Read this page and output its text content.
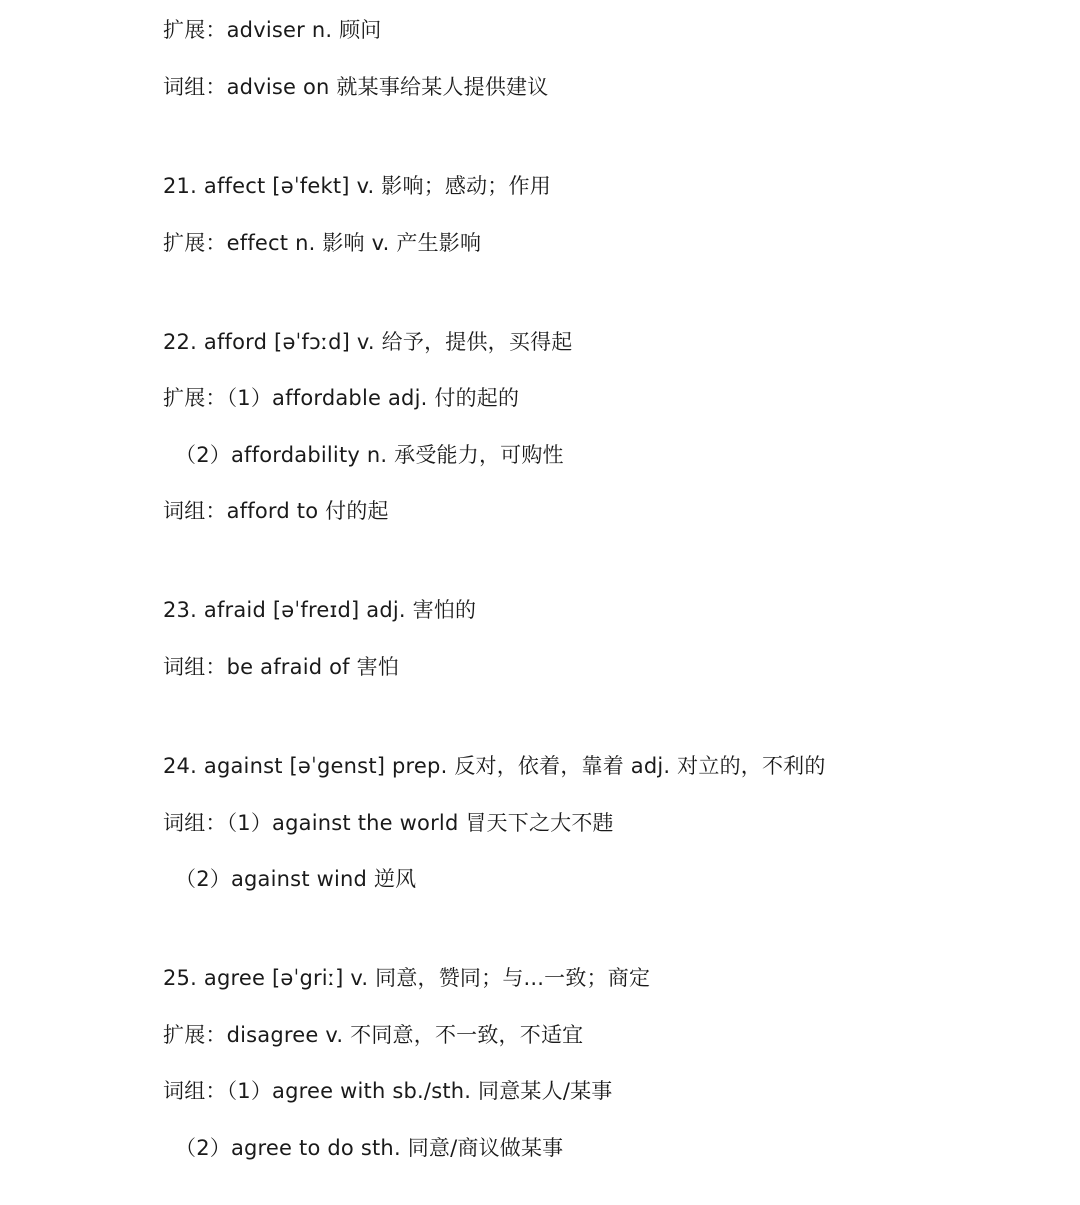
扩展：adviser n. 顾问
词组：advise on 就某事给某人提供建议
21. affect [əˈfekt] v. 影响；感动；作用
扩展：effect n. 影响 v. 产生影响
22. afford [əˈfɔːd] v. 给予，提供，买得起
扩展：（1）affordable adj. 付的起的
（2）affordability n. 承受能力，可购性
词组：afford to 付的起
23. afraid [əˈfreɪd] adj. 害怕的
词组：be afraid of 害怕
24. against [əˈgenst] prep. 反对，依着，靠着 adj. 对立的，不利的
词组：（1）against the world 冒天下之大不韪
（2）against wind 逆风
25. agree [əˈgriː] v. 同意，赞同；与...一致；商定
扩展：disagree v. 不同意，不一致，不适宜
词组：（1）agree with sb./sth. 同意某人/某事
（2）agree to do sth. 同意/商议做某事
